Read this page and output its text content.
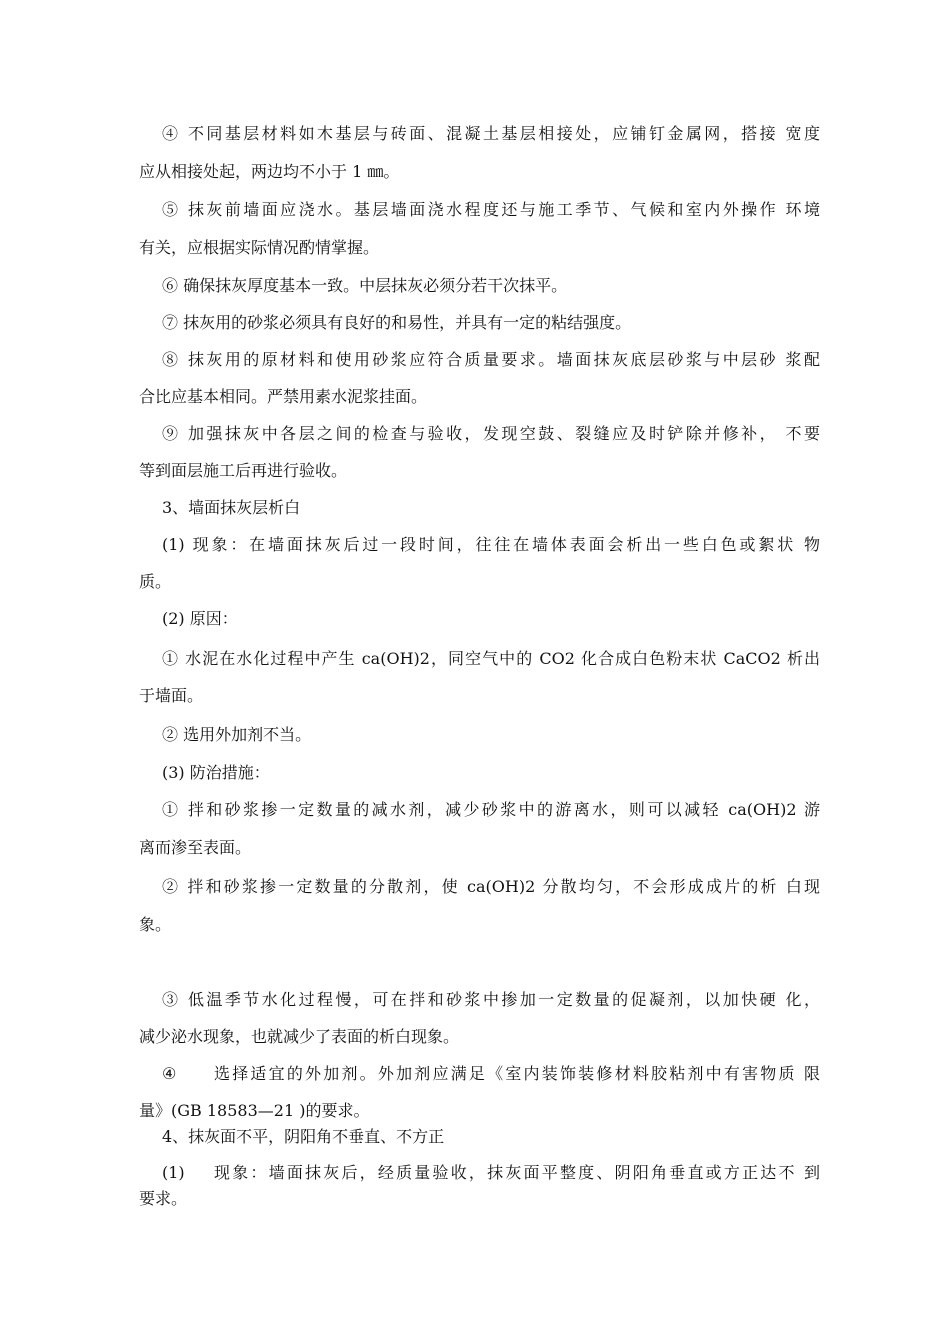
④ 不同基层材料如木基层与砖面、混凝土基层相接处，应铺钉金属网，搭接 宽度
应从相接处起，两边均不小于 1 ㎜。
⑤ 抹灰前墙面应浇水。基层墙面浇水程度还与施工季节、气候和室内外操作 环境
有关，应根据实际情况酌情掌握。
⑥ 确保抹灰厚度基本一致。中层抹灰必须分若干次抹平。
⑦ 抹灰用的砂浆必须具有良好的和易性，并具有一定的粘结强度。
⑧ 抹灰用的原材料和使用砂浆应符合质量要求。墙面抹灰底层砂浆与中层砂 浆配
合比应基本相同。严禁用素水泥浆挂面。
⑨ 加强抹灰中各层之间的检查与验收，发现空鼓、裂缝应及时铲除并修补， 不要
等到面层施工后再进行验收。
3、墙面抹灰层析白
(1) 现象：在墙面抹灰后过一段时间，往往在墙体表面会析出一些白色或絮状 物
质。
(2) 原因：
① 水泥在水化过程中产生 ca(OH)2，同空气中的 CO2 化合成白色粉末状 CaCO2 析出
于墙面。
② 选用外加剂不当。
(3) 防治措施：
① 拌和砂浆掺一定数量的减水剂，减少砂浆中的游离水，则可以减轻 ca(OH)2 游
离而渗至表面。
② 拌和砂浆掺一定数量的分散剂，使 ca(OH)2 分散均匀，不会形成成片的析 白现
象。
③ 低温季节水化过程慢，可在拌和砂浆中掺加一定数量的促凝剂，以加快硬 化，
减少泌水现象，也就减少了表面的析白现象。
④ 选择适宜的外加剂。外加剂应满足《室内装饰装修材料胶粘剂中有害物质 限
量》(GB 18583—21 )的要求。
4、抹灰面不平，阴阳角不垂直、不方正
(1) 现象：墙面抹灰后，经质量验收，抹灰面平整度、阴阳角垂直或方正达不 到
要求。
